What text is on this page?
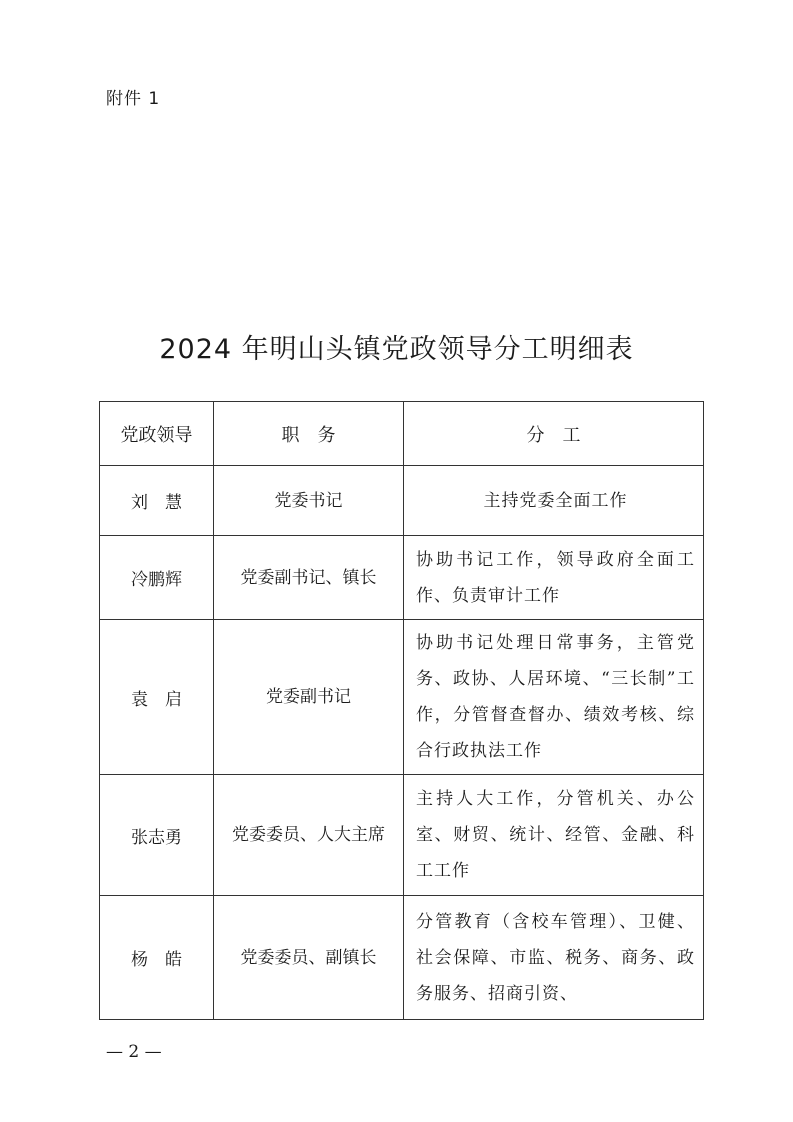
附件 1
2024 年明山头镇党政领导分工明细表
党政领导	职　务	分　工
刘　慧	党委书记	主持党委全面工作
冷鹏辉	党委副书记、镇长	协助书记工作，领导政府全面工作、负责审计工作
袁　启	党委副书记	协助书记处理日常事务，主管党务、政协、人居环境、“三长制”工作，分管督查督办、绩效考核、综合行政执法工作
张志勇	党委委员、人大主席	主持人大工作，分管机关、办公室、财贸、统计、经管、金融、科工工作
杨　皓	党委委员、副镇长	分管教育（含校车管理）、卫健、社会保障、市监、税务、商务、政务服务、招商引资、
— 2 —
